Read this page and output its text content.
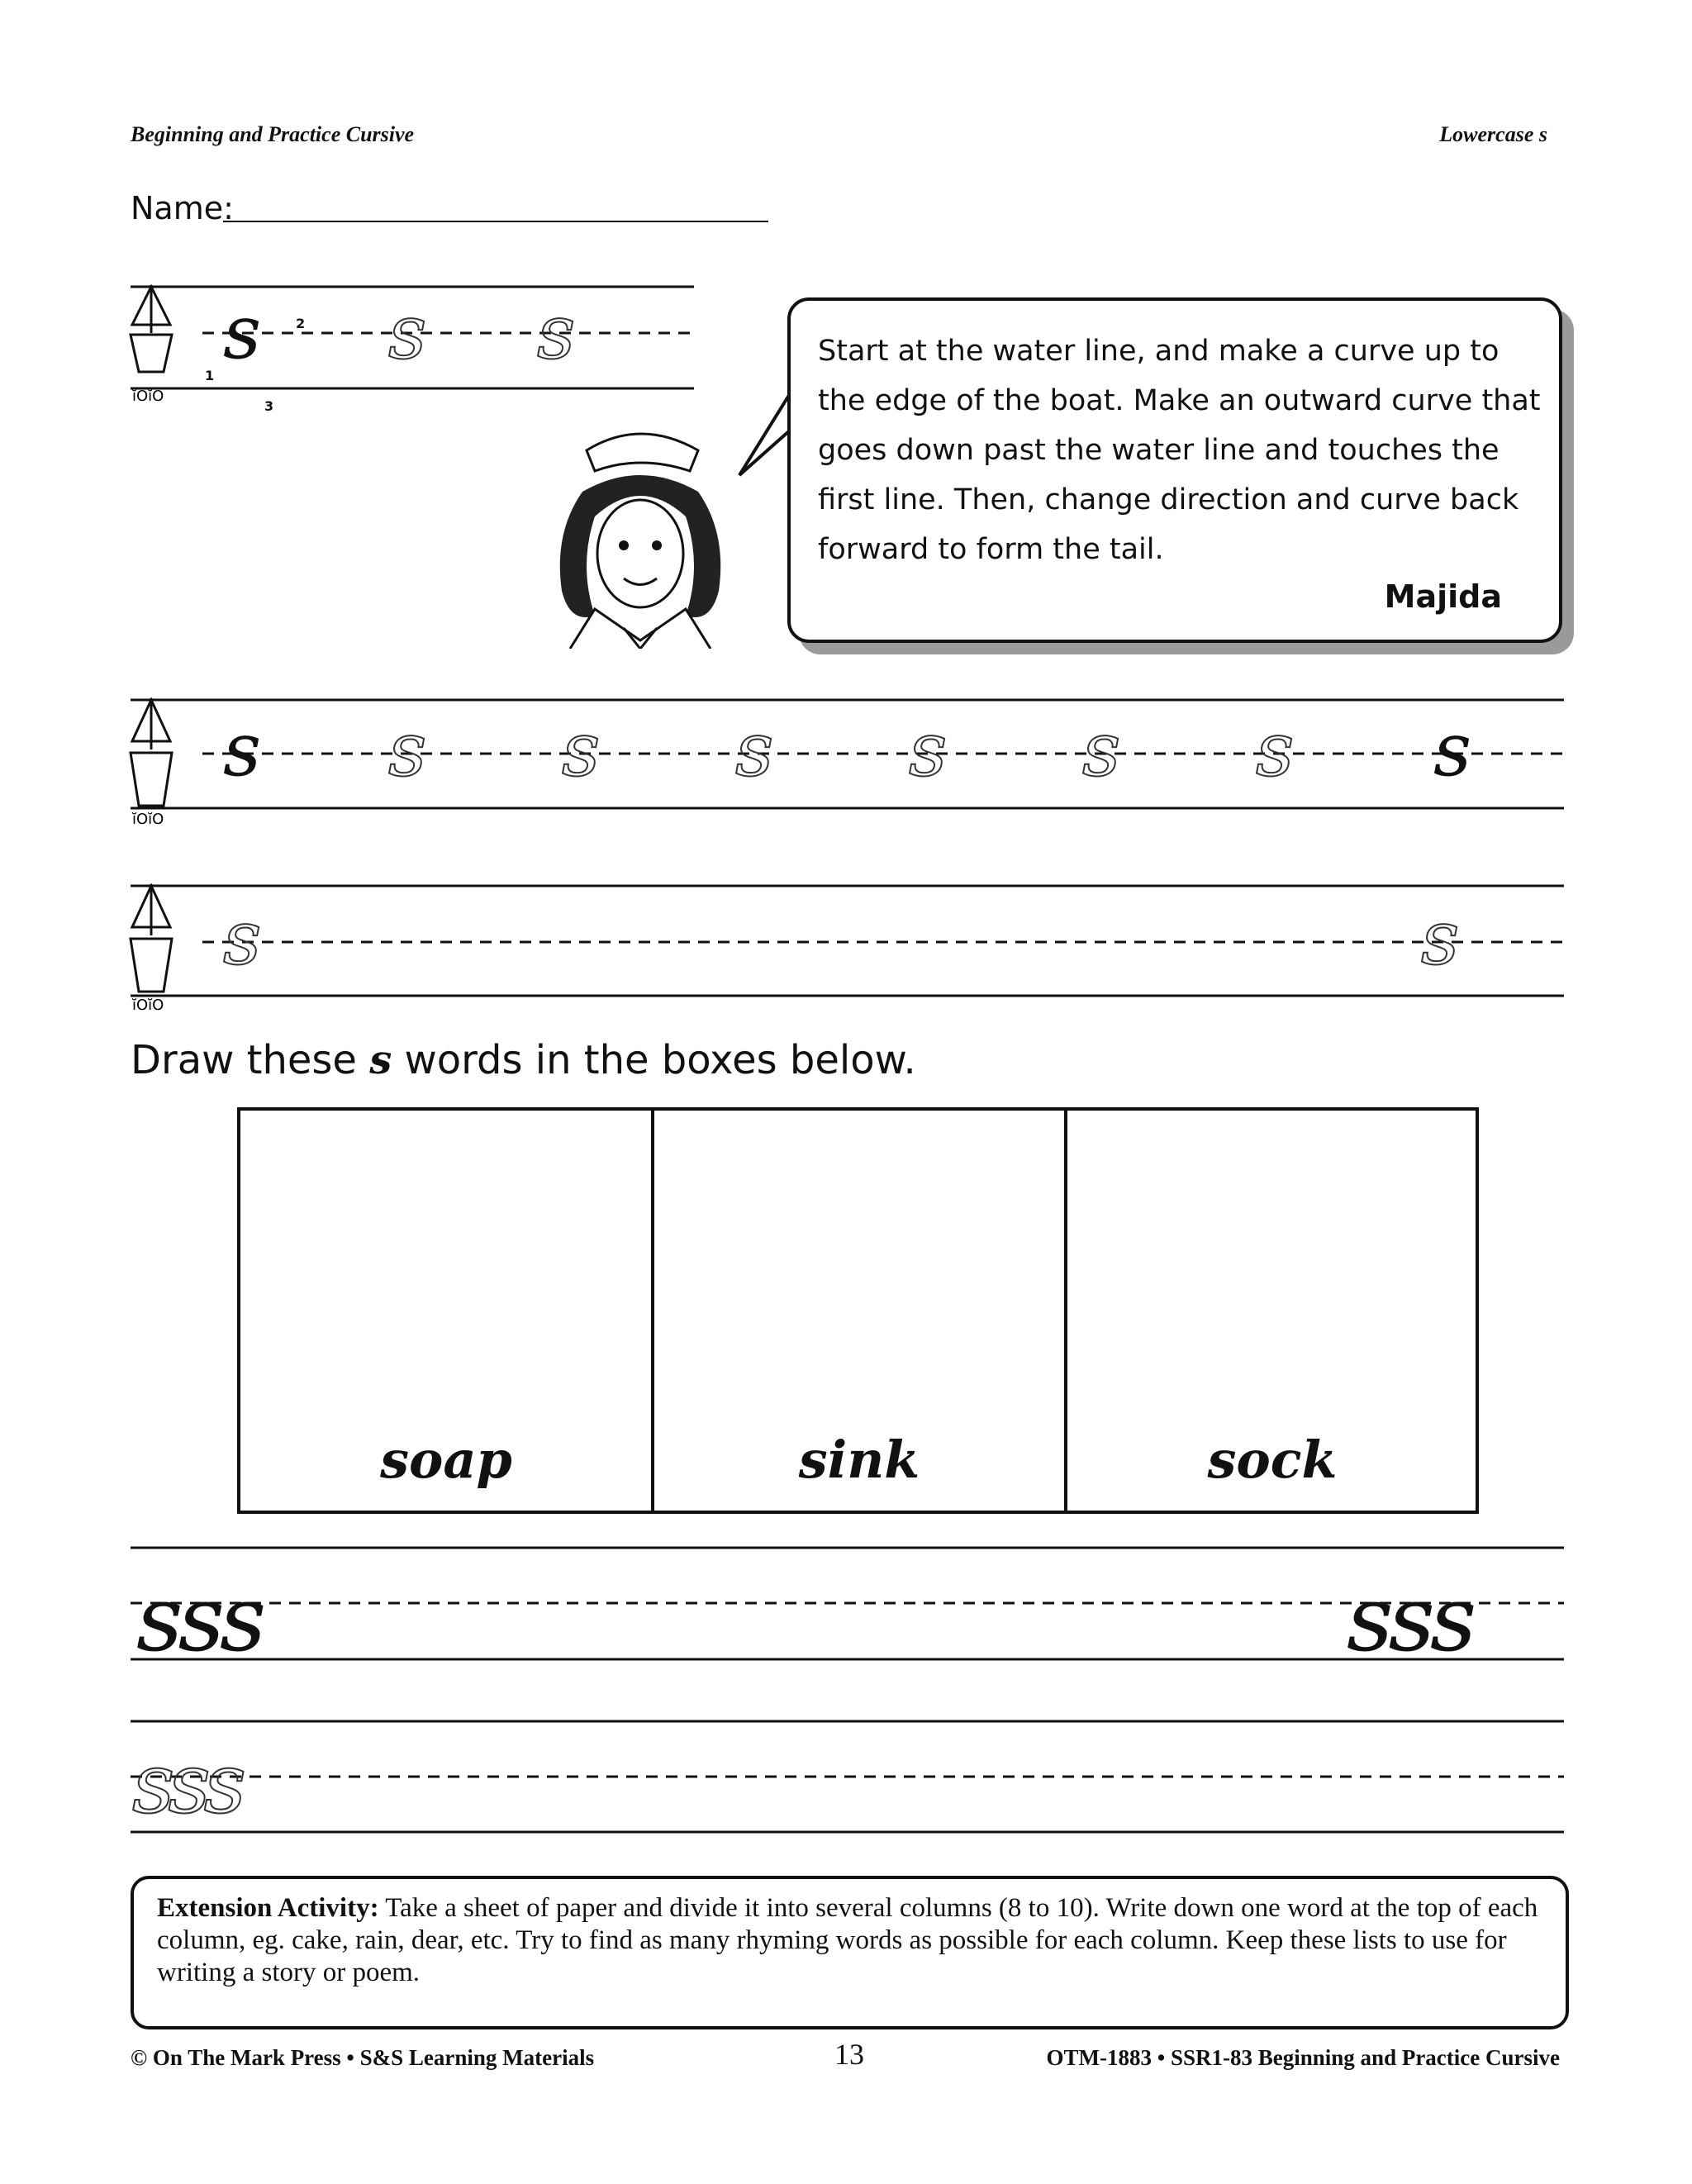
Beginning and Practice Cursive	Lowercase s
Name:
ĭOĭO
ĭOĭO
ĭOĭO
2
1
3
s s s
s s s s s s s s
s	s
Start at the water line, and make a curve up to the edge of the boat. Make an outward curve that goes down past the water line and touches the first line. Then, change direction and curve back forward to form the tail.
Majida
Draw these s words in the boxes below.
soap	sink	sock
sss	sss
sss
Extension Activity: Take a sheet of paper and divide it into several columns (8 to 10). Write down one word at the top of each column, eg. cake, rain, dear, etc. Try to find as many rhyming words as possible for each column. Keep these lists to use for writing a story or poem.
© On The Mark Press • S&S Learning Materials	13	OTM-1883 • SSR1-83 Beginning and Practice Cursive
